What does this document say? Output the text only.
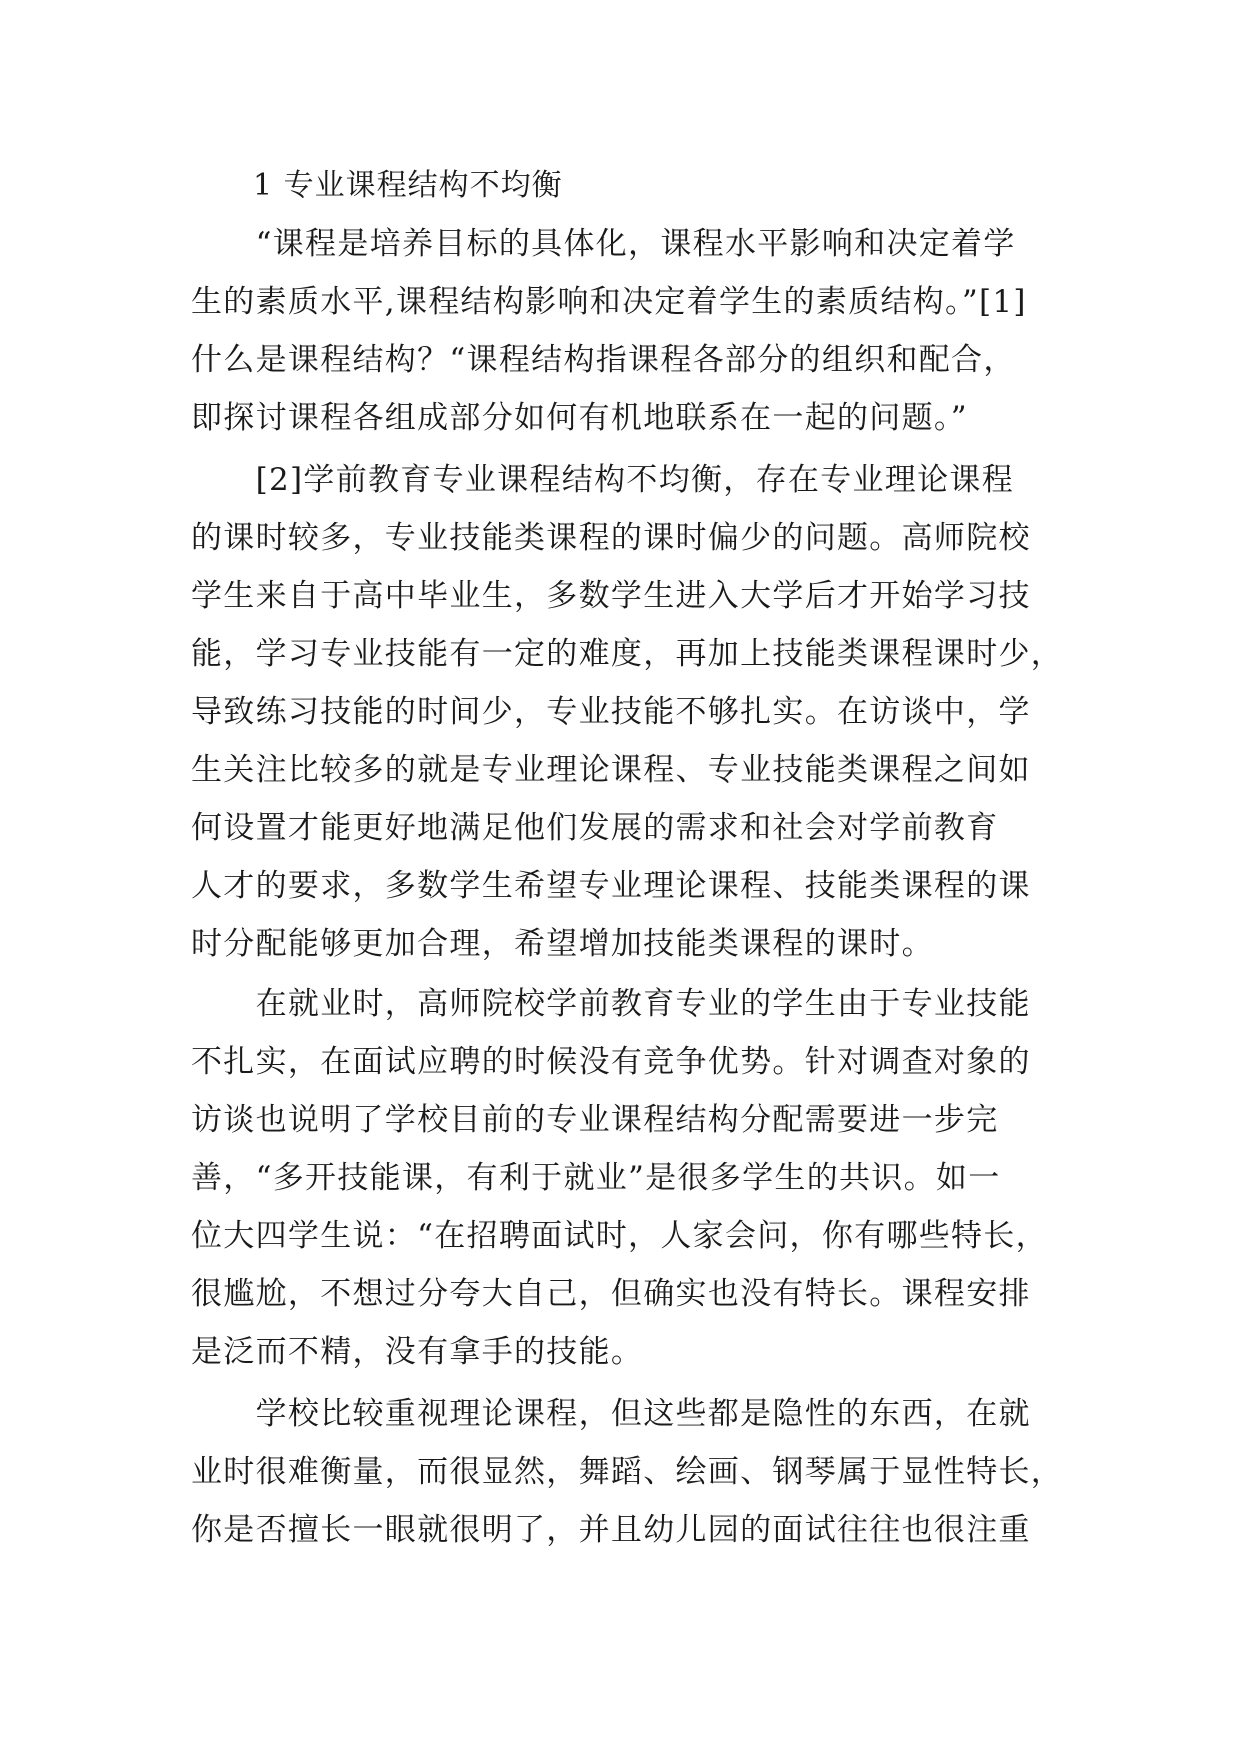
1 专业课程结构不均衡
　　“课程是培养目标的具体化，课程水平影响和决定着学
生的素质水平,课程结构影响和决定着学生的素质结构。”[1]
什么是课程结构？“课程结构指课程各部分的组织和配合，
即探讨课程各组成部分如何有机地联系在一起的问题。”
　　[2]学前教育专业课程结构不均衡，存在专业理论课程
的课时较多，专业技能类课程的课时偏少的问题。高师院校
学生来自于高中毕业生，多数学生进入大学后才开始学习技
能，学习专业技能有一定的难度，再加上技能类课程课时少，
导致练习技能的时间少，专业技能不够扎实。在访谈中，学
生关注比较多的就是专业理论课程、专业技能类课程之间如
何设置才能更好地满足他们发展的需求和社会对学前教育
人才的要求，多数学生希望专业理论课程、技能类课程的课
时分配能够更加合理，希望增加技能类课程的课时。
　　在就业时，高师院校学前教育专业的学生由于专业技能
不扎实，在面试应聘的时候没有竞争优势。针对调查对象的
访谈也说明了学校目前的专业课程结构分配需要进一步完
善，“多开技能课，有利于就业”是很多学生的共识。如一
位大四学生说：“在招聘面试时，人家会问，你有哪些特长，
很尴尬，不想过分夸大自己，但确实也没有特长。课程安排
是泛而不精，没有拿手的技能。
　　学校比较重视理论课程，但这些都是隐性的东西，在就
业时很难衡量，而很显然，舞蹈、绘画、钢琴属于显性特长，
你是否擅长一眼就很明了，并且幼儿园的面试往往也很注重
